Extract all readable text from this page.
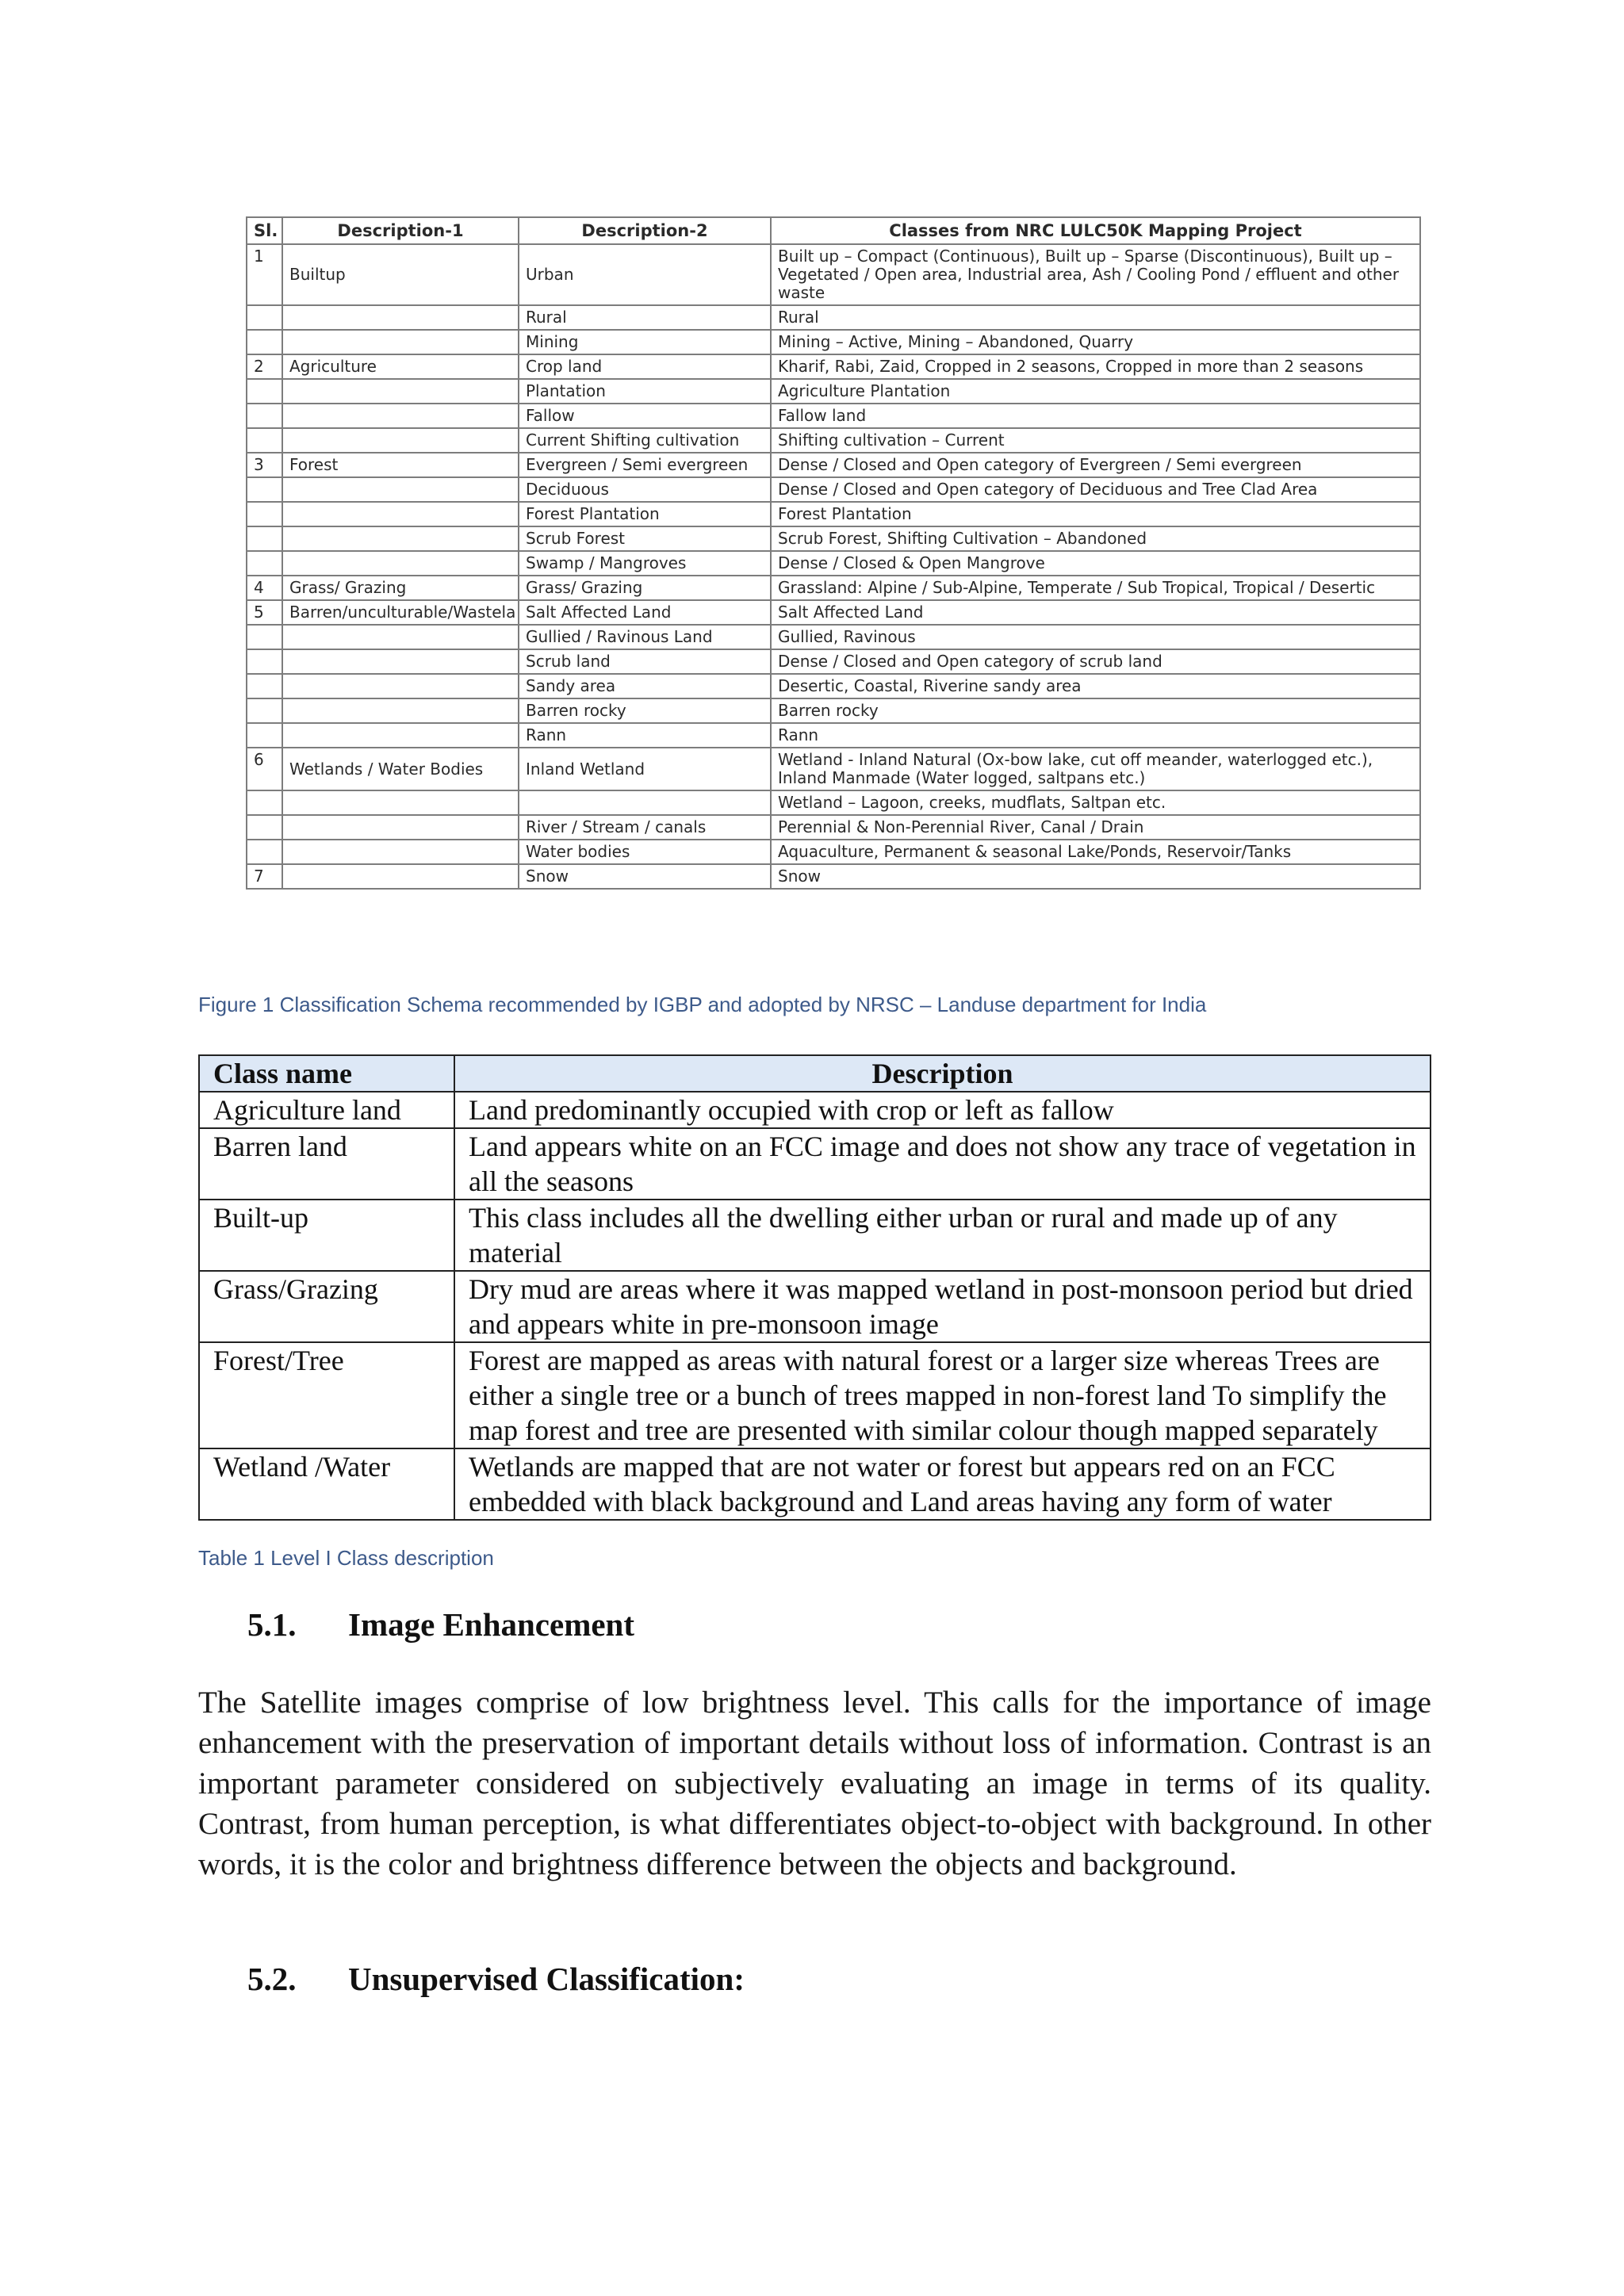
Sl.	Description-1	Description-2	Classes from NRC LULC50K Mapping Project
1	Builtup	Urban	Built up – Compact (Continuous), Built up – Sparse (Discontinuous), Built up – Vegetated / Open area, Industrial area, Ash / Cooling Pond / effluent and other waste
		Rural	Rural
		Mining	Mining – Active, Mining – Abandoned, Quarry
2	Agriculture	Crop land	Kharif, Rabi, Zaid, Cropped in 2 seasons, Cropped in more than 2 seasons
		Plantation	Agriculture Plantation
		Fallow	Fallow land
		Current Shifting cultivation	Shifting cultivation – Current
3	Forest	Evergreen / Semi evergreen	Dense / Closed and Open category of Evergreen / Semi evergreen
		Deciduous	Dense / Closed and Open category of Deciduous and Tree Clad Area
		Forest Plantation	Forest Plantation
		Scrub Forest	Scrub Forest, Shifting Cultivation – Abandoned
		Swamp / Mangroves	Dense / Closed & Open Mangrove
4	Grass/ Grazing	Grass/ Grazing	Grassland: Alpine / Sub-Alpine, Temperate / Sub Tropical, Tropical / Desertic
5	Barren/unculturable/Wastela	Salt Affected Land	Salt Affected Land
		Gullied / Ravinous Land	Gullied, Ravinous
		Scrub land	Dense / Closed and Open category of scrub land
		Sandy area	Desertic, Coastal, Riverine sandy area
		Barren rocky	Barren rocky
		Rann	Rann
6	Wetlands / Water Bodies	Inland Wetland	Wetland - Inland Natural (Ox-bow lake, cut off meander, waterlogged etc.), Inland Manmade (Water logged, saltpans etc.)
			Wetland – Lagoon, creeks, mudflats, Saltpan etc.
		River / Stream / canals	Perennial & Non-Perennial River, Canal / Drain
		Water bodies	Aquaculture, Permanent & seasonal Lake/Ponds, Reservoir/Tanks
7		Snow	Snow
Figure 1 Classification Schema recommended by IGBP and adopted by NRSC – Landuse department for India
Class name	Description
Agriculture land	Land predominantly occupied with crop or left as fallow
Barren land	Land appears white on an FCC image and does not show any trace of vegetation in all the seasons
Built-up	This class includes all the dwelling either urban or rural and made up of any material
Grass/Grazing	Dry mud are areas where it was mapped wetland in post-monsoon period but dried and appears white in pre-monsoon image
Forest/Tree	Forest are mapped as areas with natural forest or a larger size whereas Trees are either a single tree or a bunch of trees mapped in non-forest land To simplify the map forest and tree are presented with similar colour though mapped separately
Wetland /Water	Wetlands are mapped that are not water or forest but appears red on an FCC embedded with black background and Land areas having any form of water
Table 1 Level I Class description
5.1. Image Enhancement

The Satellite images comprise of low brightness level. This calls for the importance of image enhancement with the preservation of important details without loss of information. Contrast is an important parameter considered on subjectively evaluating an image in terms of its quality. Contrast, from human perception, is what differentiates object-to-object with background. In other words, it is the color and brightness difference between the objects and background.

5.2. Unsupervised Classification:
